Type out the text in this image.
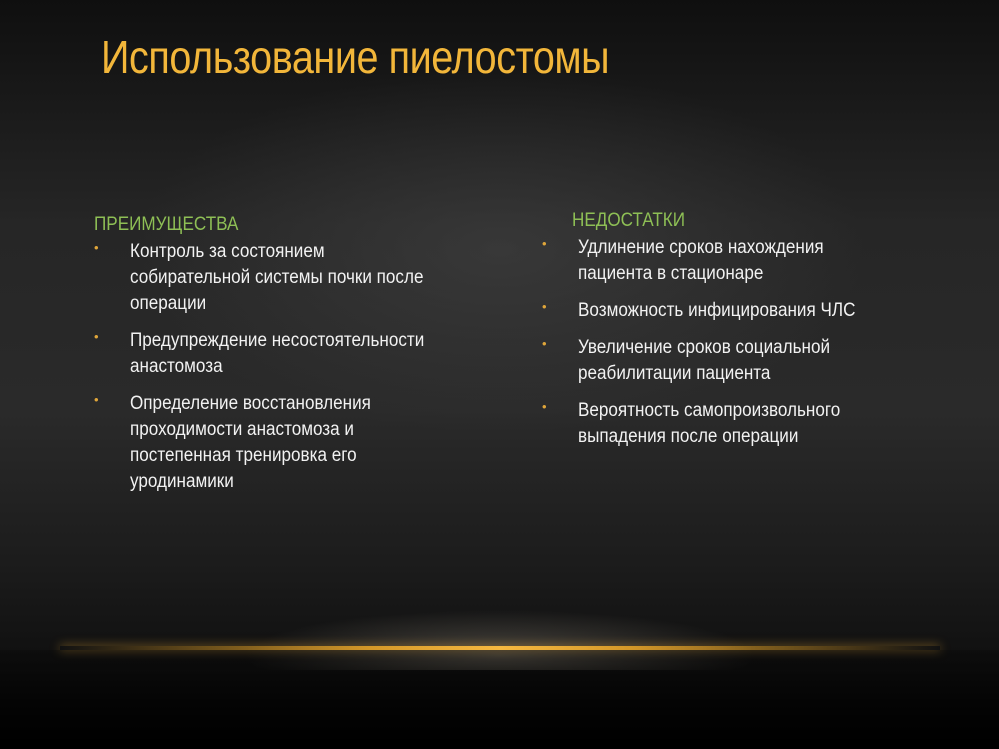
Использование пиелостомы
ПРЕИМУЩЕСТВА
• Контроль за состоянием собирательной системы почки после операции
• Предупреждение несостоятельности анастомоза
• Определение восстановления проходимости анастомоза и постепенная тренировка его уродинамики
НЕДОСТАТКИ
• Удлинение сроков нахождения пациента в стационаре
• Возможность инфицирования ЧЛС
• Увеличение сроков социальной реабилитации пациента
• Вероятность самопроизвольного выпадения после операции
